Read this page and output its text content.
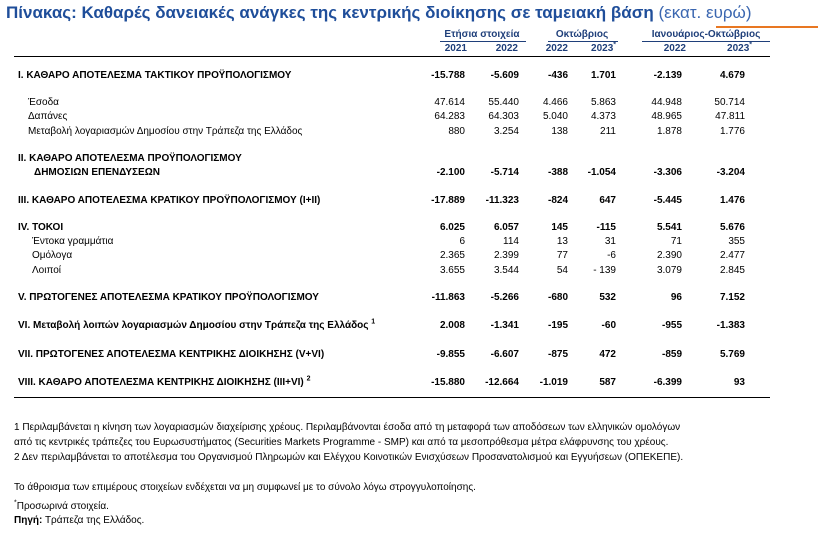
Πίνακας: Καθαρές δανειακές ανάγκες της κεντρικής διοίκησης σε ταμειακή βάση (εκατ. ευρώ)
Ετήσια στοιχεία	Οκτώβριος	Ιανουάριος-Οκτώβριος
2021	2022	2022	2023*	2022	2023*
I. ΚΑΘΑΡΟ ΑΠΟΤΕΛΕΣΜΑ ΤΑΚΤΙΚΟΥ ΠΡΟΫΠΟΛΟΓΙΣΜΟΥ	-15.788	-5.609	-436	1.701	-2.139	4.679
Έσοδα	47.614	55.440	4.466	5.863	44.948	50.714
Δαπάνες	64.283	64.303	5.040	4.373	48.965	47.811
Μεταβολή λογαριασμών Δημοσίου στην Τράπεζα της Ελλάδος	880	3.254	138	211	1.878	1.776
II. ΚΑΘΑΡΟ ΑΠΟΤΕΛΕΣΜΑ ΠΡΟΫΠΟΛΟΓΙΣΜΟΥ
ΔΗΜΟΣΙΩΝ ΕΠΕΝΔΥΣΕΩΝ	-2.100	-5.714	-388	-1.054	-3.306	-3.204
III. ΚΑΘΑΡΟ ΑΠΟΤΕΛΕΣΜΑ ΚΡΑΤΙΚΟΥ ΠΡΟΫΠΟΛΟΓΙΣΜΟΥ (I+II)	-17.889	-11.323	-824	647	-5.445	1.476
IV. ΤΟΚΟΙ	6.025	6.057	145	-115	5.541	5.676
Έντοκα γραμμάτια	6	114	13	31	71	355
Ομόλογα	2.365	2.399	77	-6	2.390	2.477
Λοιποί	3.655	3.544	54	- 139	3.079	2.845
V. ΠΡΩΤΟΓΕΝΕΣ ΑΠΟΤΕΛΕΣΜΑ ΚΡΑΤΙΚΟΥ ΠΡΟΫΠΟΛΟΓΙΣΜΟΥ	-11.863	-5.266	-680	532	96	7.152
VI. Μεταβολή λοιπών λογαριασμών Δημοσίου στην Τράπεζα της Ελλάδος $^1$	2.008	-1.341	-195	-60	-955	-1.383
VII. ΠΡΩΤΟΓΕΝΕΣ ΑΠΟΤΕΛΕΣΜΑ ΚΕΝΤΡΙΚΗΣ ΔΙΟΙΚΗΣΗΣ (V+VI)	-9.855	-6.607	-875	472	-859	5.769
VIII. ΚΑΘΑΡΟ ΑΠΟΤΕΛΕΣΜΑ ΚΕΝΤΡΙΚΗΣ ΔΙΟΙΚΗΣΗΣ (III+VI) $^2$	-15.880	-12.664	-1.019	587	-6.399	93
1 Περιλαμβάνεται η κίνηση των λογαριασμών διαχείρισης χρέους. Περιλαμβάνονται έσοδα από τη μεταφορά των αποδόσεων των ελληνικών ομολόγων
από τις κεντρικές τράπεζες του Ευρωσυστήματος (Securities Markets Programme - SMP) και από τα μεσοπρόθεσμα μέτρα ελάφρυνσης του χρέους.
2 Δεν περιλαμβάνεται το αποτέλεσμα του Οργανισμού Πληρωμών και Ελέγχου Κοινοτικών Ενισχύσεων Προσανατολισμού και Εγγυήσεων (ΟΠΕΚΕΠΕ).
Το άθροισμα των επιμέρους στοιχείων ενδέχεται να μη συμφωνεί με το σύνολο λόγω στρογγυλοποίησης.
*Προσωρινά στοιχεία.
Πηγή: Τράπεζα της Ελλάδος.
